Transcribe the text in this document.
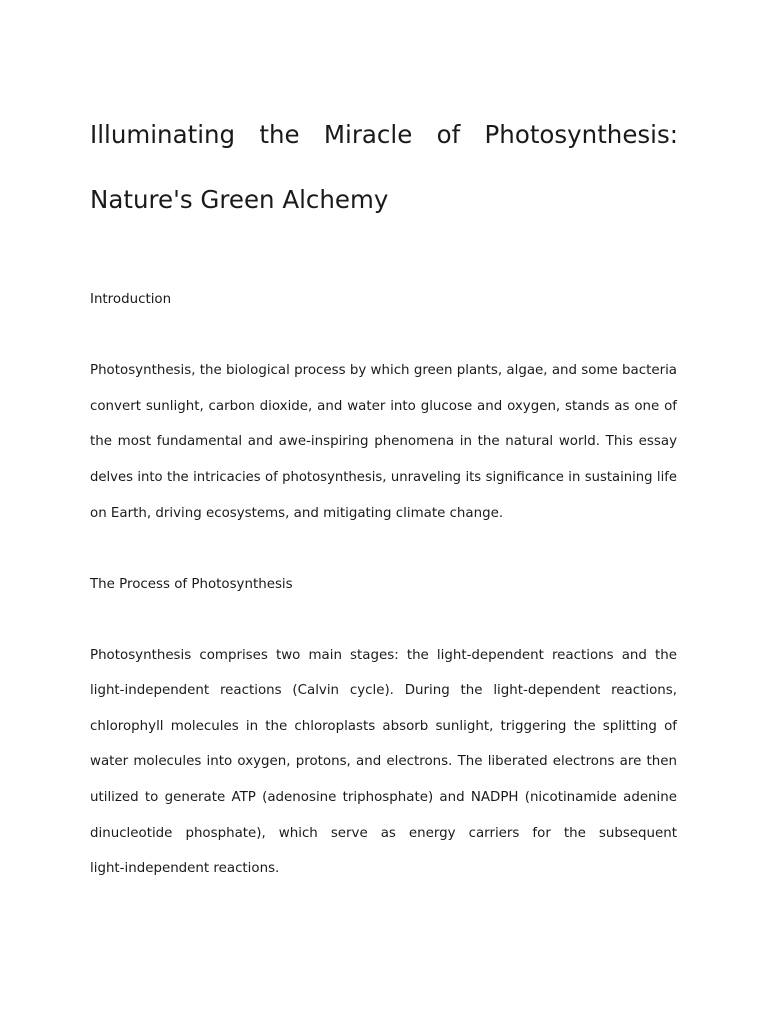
Illuminating the Miracle of Photosynthesis:
Nature's Green Alchemy
Introduction
Photosynthesis, the biological process by which green plants, algae, and some bacteria
convert sunlight, carbon dioxide, and water into glucose and oxygen, stands as one of
the most fundamental and awe-inspiring phenomena in the natural world. This essay
delves into the intricacies of photosynthesis, unraveling its significance in sustaining life
on Earth, driving ecosystems, and mitigating climate change.
The Process of Photosynthesis
Photosynthesis comprises two main stages: the light-dependent reactions and the
light-independent reactions (Calvin cycle). During the light-dependent reactions,
chlorophyll molecules in the chloroplasts absorb sunlight, triggering the splitting of
water molecules into oxygen, protons, and electrons. The liberated electrons are then
utilized to generate ATP (adenosine triphosphate) and NADPH (nicotinamide adenine
dinucleotide phosphate), which serve as energy carriers for the subsequent
light-independent reactions.
